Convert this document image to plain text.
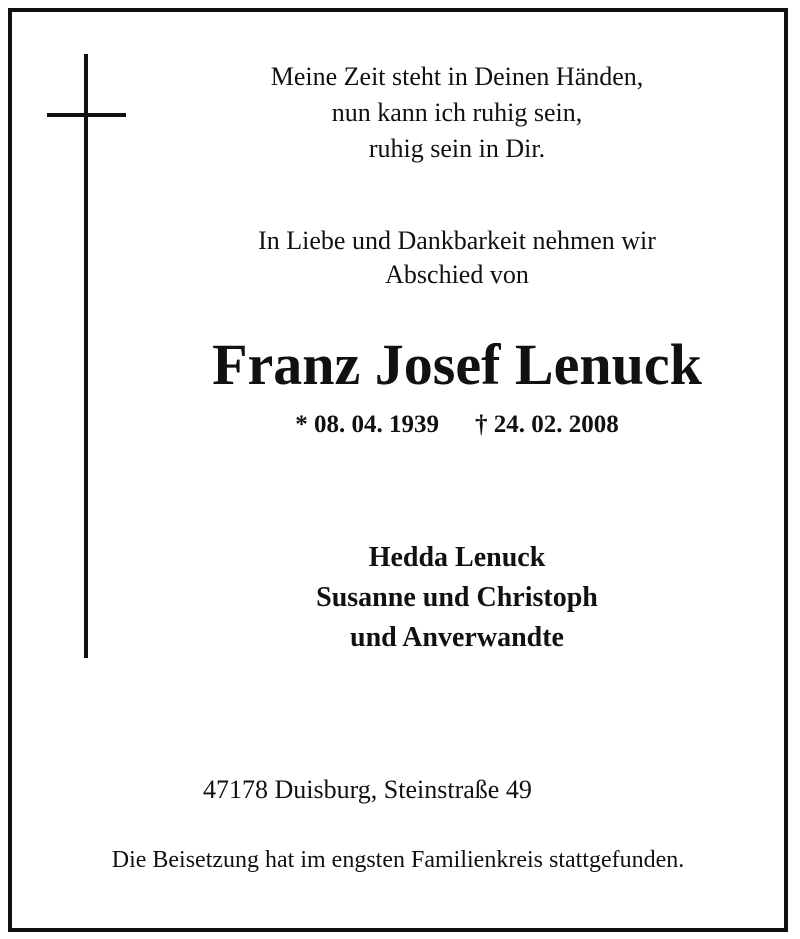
Meine Zeit steht in Deinen Händen,
nun kann ich ruhig sein,
ruhig sein in Dir.
In Liebe und Dankbarkeit nehmen wir
Abschied von
Franz Josef Lenuck
* 08. 04. 1939 † 24. 02. 2008
Hedda Lenuck
Susanne und Christoph
und Anverwandte
47178 Duisburg, Steinstraße 49
Die Beisetzung hat im engsten Familienkreis stattgefunden.
